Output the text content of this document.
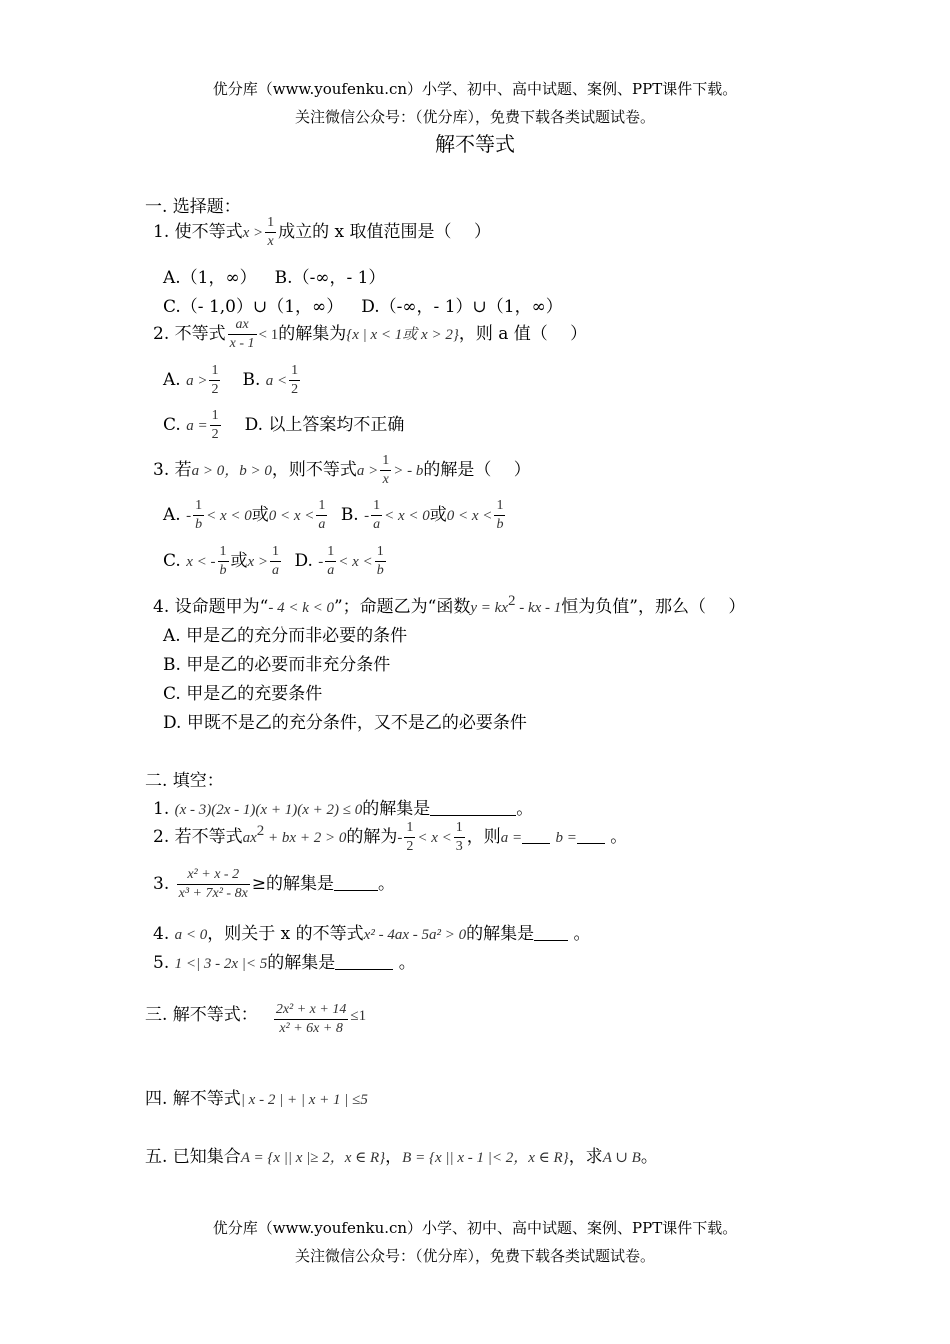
优分库（www.youfenku.cn）小学、初中、高中试题、案例、PPT课件下载。
关注微信公众号：（优分库），免费下载各类试题试卷。
解不等式
一. 选择题：
1. 使不等式$x > \frac{1}{x}$ 成立的 x 取值范围是（　 ）
A.（1，∞） B.（-∞，- 1）
C.（- 1,0）∪（1，∞） D.（-∞，- 1）∪（1，∞）
2. 不等式 $\frac{ax}{x - 1} < 1$的解集为{x | x < 1或 x > 2}，则 a 值（　 ）
A. $a > \frac{1}{2} B$. $a < \frac{1}{2}$
C. $a = \frac{1}{2} D$. 以上答案均不正确
3. 若a > 0，b > 0，则不等式$a > \frac{1}{x}$ > - b的解是（　 ）
A. - $\frac{1}{b} < x < 0$或$0 < x < \frac{1}{a} B$. - $\frac{1}{a} < x < 0$或$0 < x < \frac{1}{b}$
C. x < - $\frac{1}{b}$ 或$x > \frac{1}{a} D$. - $\frac{1}{a} < x < \frac{1}{b}$
4. 设命题甲为“- 4 < k < 0”；命题乙为“函数$y = kx^2$ - kx - 1恒为负值”，那么（　 ）
A. 甲是乙的充分而非必要的条件
B. 甲是乙的必要而非充分条件
C. 甲是乙的充要条件
D. 甲既不是乙的充分条件，又不是乙的必要条件
二. 填空：
1. (x - 3)(2x - 1)(x + 1)(x + 2) ≤ 0的解集是	。
2. 若不等式$ax^2$ + bx + 2 > 0的解为- $\frac{1}{2} < x < \frac{1}{3}$ ，则a = b = 。
3. $\frac{\text{x² + x - 2}}{\text{x³ + 7x² - 8x}}$ ≥的解集是	。
4. a < 0，则关于 x 的不等式x² - 4ax - 5a² > 0的解集是 。
5. 1 <| 3 - 2x |< 5的解集是	。
三. 解不等式： $\frac{\text{2x² + x + 14}}{\text{x² + 6x + 8}} \le 1$
四. 解不等式| x - 2 | + | x + 1 | ≤5
五. 已知集合A = {x || x |≥ 2，x ∈ R}，B = {x || x - 1 |< 2，x ∈ R}，求A ∪ B。
优分库（www.youfenku.cn）小学、初中、高中试题、案例、PPT课件下载。
关注微信公众号：（优分库），免费下载各类试题试卷。
